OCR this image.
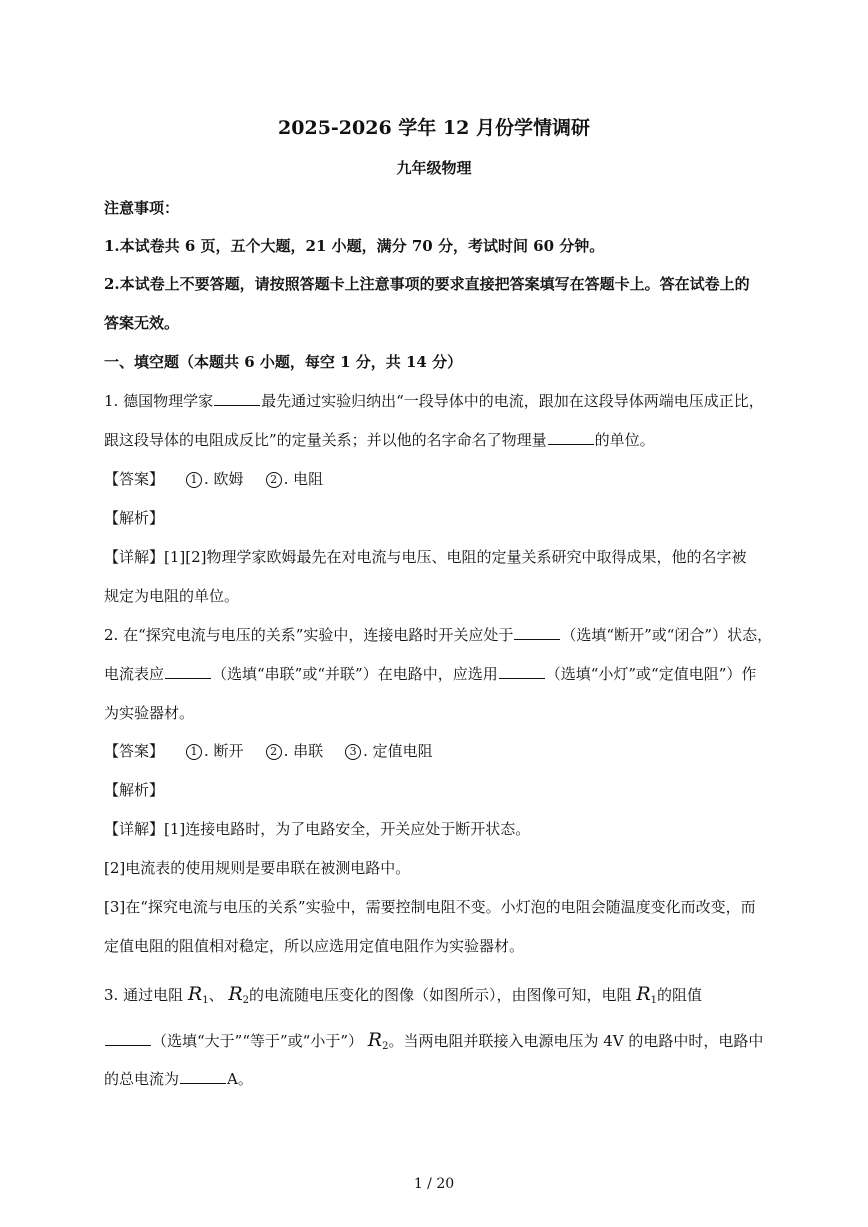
2025-2026 学年 12 月份学情调研
九年级物理
注意事项：
1.本试卷共 6 页，五个大题，21 小题，满分 70 分，考试时间 60 分钟。
2.本试卷上不要答题，请按照答题卡上注意事项的要求直接把答案填写在答题卡上。答在试卷上的
答案无效。
一、填空题（本题共 6 小题，每空 1 分，共 14 分）
1. 德国物理学家	最先通过实验归纳出“一段导体中的电流，跟加在这段导体两端电压成正比，
跟这段导体的电阻成反比”的定量关系；并以他的名字命名了物理量	的单位。
【答案】 1 . 欧姆 2 . 电阻
【解析】
【详解】[1][2]物理学家欧姆最先在对电流与电压、电阻的定量关系研究中取得成果，他的名字被
规定为电阻的单位。
2. 在“探究电流与电压的关系”实验中，连接电路时开关应处于	（选填“断开”或“闭合”）状态，
电流表应	（选填“串联”或“并联”）在电路中，应选用	（选填“小灯”或“定值电阻”）作
为实验器材。
【答案】 1 . 断开 2 . 串联 3 . 定值电阻
【解析】
【详解】[1]连接电路时，为了电路安全，开关应处于断开状态。
[2]电流表的使用规则是要串联在被测电路中。
[3]在“探究电流与电压的关系”实验中，需要控制电阻不变。小灯泡的电阻会随温度变化而改变，而
定值电阻的阻值相对稳定，所以应选用定值电阻作为实验器材。
3. 通过电阻 $R_1$、 $R_2$的电流随电压变化的图像（如图所示），由图像可知，电阻 $R_1$的阻值
（选填“大于”“等于”或“小于”） $R_2$。当两电阻并联接入电源电压为 4V 的电路中时，电路中
的总电流为	A。
1 / 20
